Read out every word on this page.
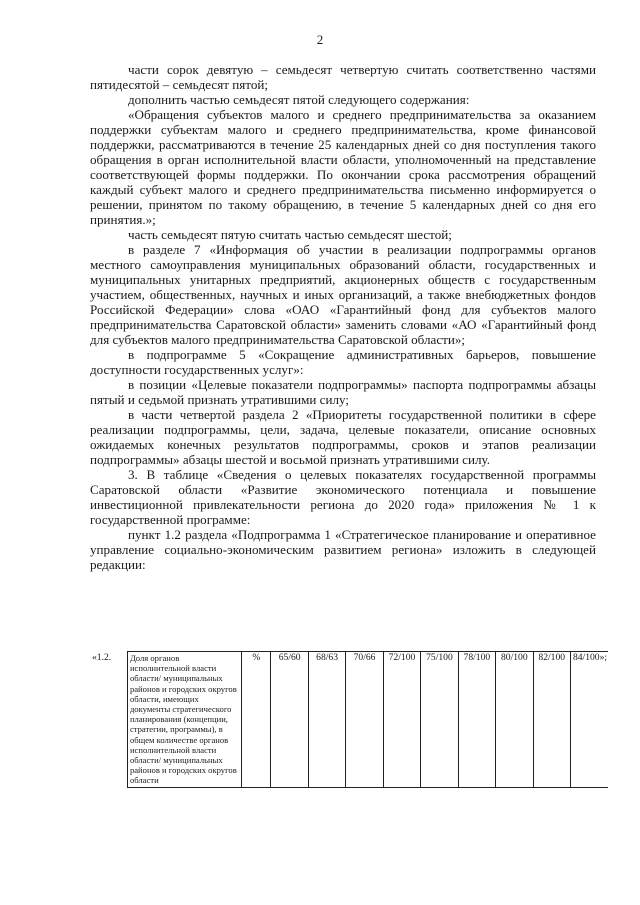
2

части сорок девятую – семьдесят четвертую считать соответственно частями пятидесятой – семьдесят пятой;

дополнить частью семьдесят пятой следующего содержания:

«Обращения субъектов малого и среднего предпринимательства за оказанием поддержки субъектам малого и среднего предпринимательства, кроме финансовой поддержки, рассматриваются в течение 25 календарных дней со дня поступления такого обращения в орган исполнительной власти области, уполномоченный на представление соответствующей формы поддержки. По окончании срока рассмотрения обращений каждый субъект малого и среднего предпринимательства письменно информируется о решении, принятом по такому обращению, в течение 5 календарных дней со дня его принятия.»;

часть семьдесят пятую считать частью семьдесят шестой;

в разделе 7 «Информация об участии в реализации подпрограммы органов местного самоуправления муниципальных образований области, государственных и муниципальных унитарных предприятий, акционерных обществ с государственным участием, общественных, научных и иных организаций, а также внебюджетных фондов Российской Федерации» слова «ОАО «Гарантийный фонд для субъектов малого предпринимательства Саратовской области» заменить словами «АО «Гарантийный фонд для субъектов малого предпринимательства Саратовской области»;

в подпрограмме 5 «Сокращение административных барьеров, повышение доступности государственных услуг»:

в позиции «Целевые показатели подпрограммы» паспорта подпрограммы абзацы пятый и седьмой признать утратившими силу;

в части четвертой раздела 2 «Приоритеты государственной политики в сфере реализации подпрограммы, цели, задача, целевые показатели, описание основных ожидаемых конечных результатов подпрограммы, сроков и этапов реализации подпрограммы» абзацы шестой и восьмой признать утратившими силу.

3. В таблице «Сведения о целевых показателях государственной программы Саратовской области «Развитие экономического потенциала и повышение инвестиционной привлекательности региона до 2020 года» приложения № 1 к государственной программе:

пункт 1.2 раздела «Подпрограмма 1 «Стратегическое планирование и оперативное управление социально-экономическим развитием региона» изложить в следующей редакции:

«1.2.	Доля органов исполнительной власти области/ муниципальных районов и городских округов области, имеющих документы стратегического планирования (концепции, стратегии, программы), в общем количестве органов исполнительной власти области/ муниципальных районов и городских округов области	%	65/60	68/63	70/66	72/100	75/100	78/100	80/100	82/100	84/100»;
